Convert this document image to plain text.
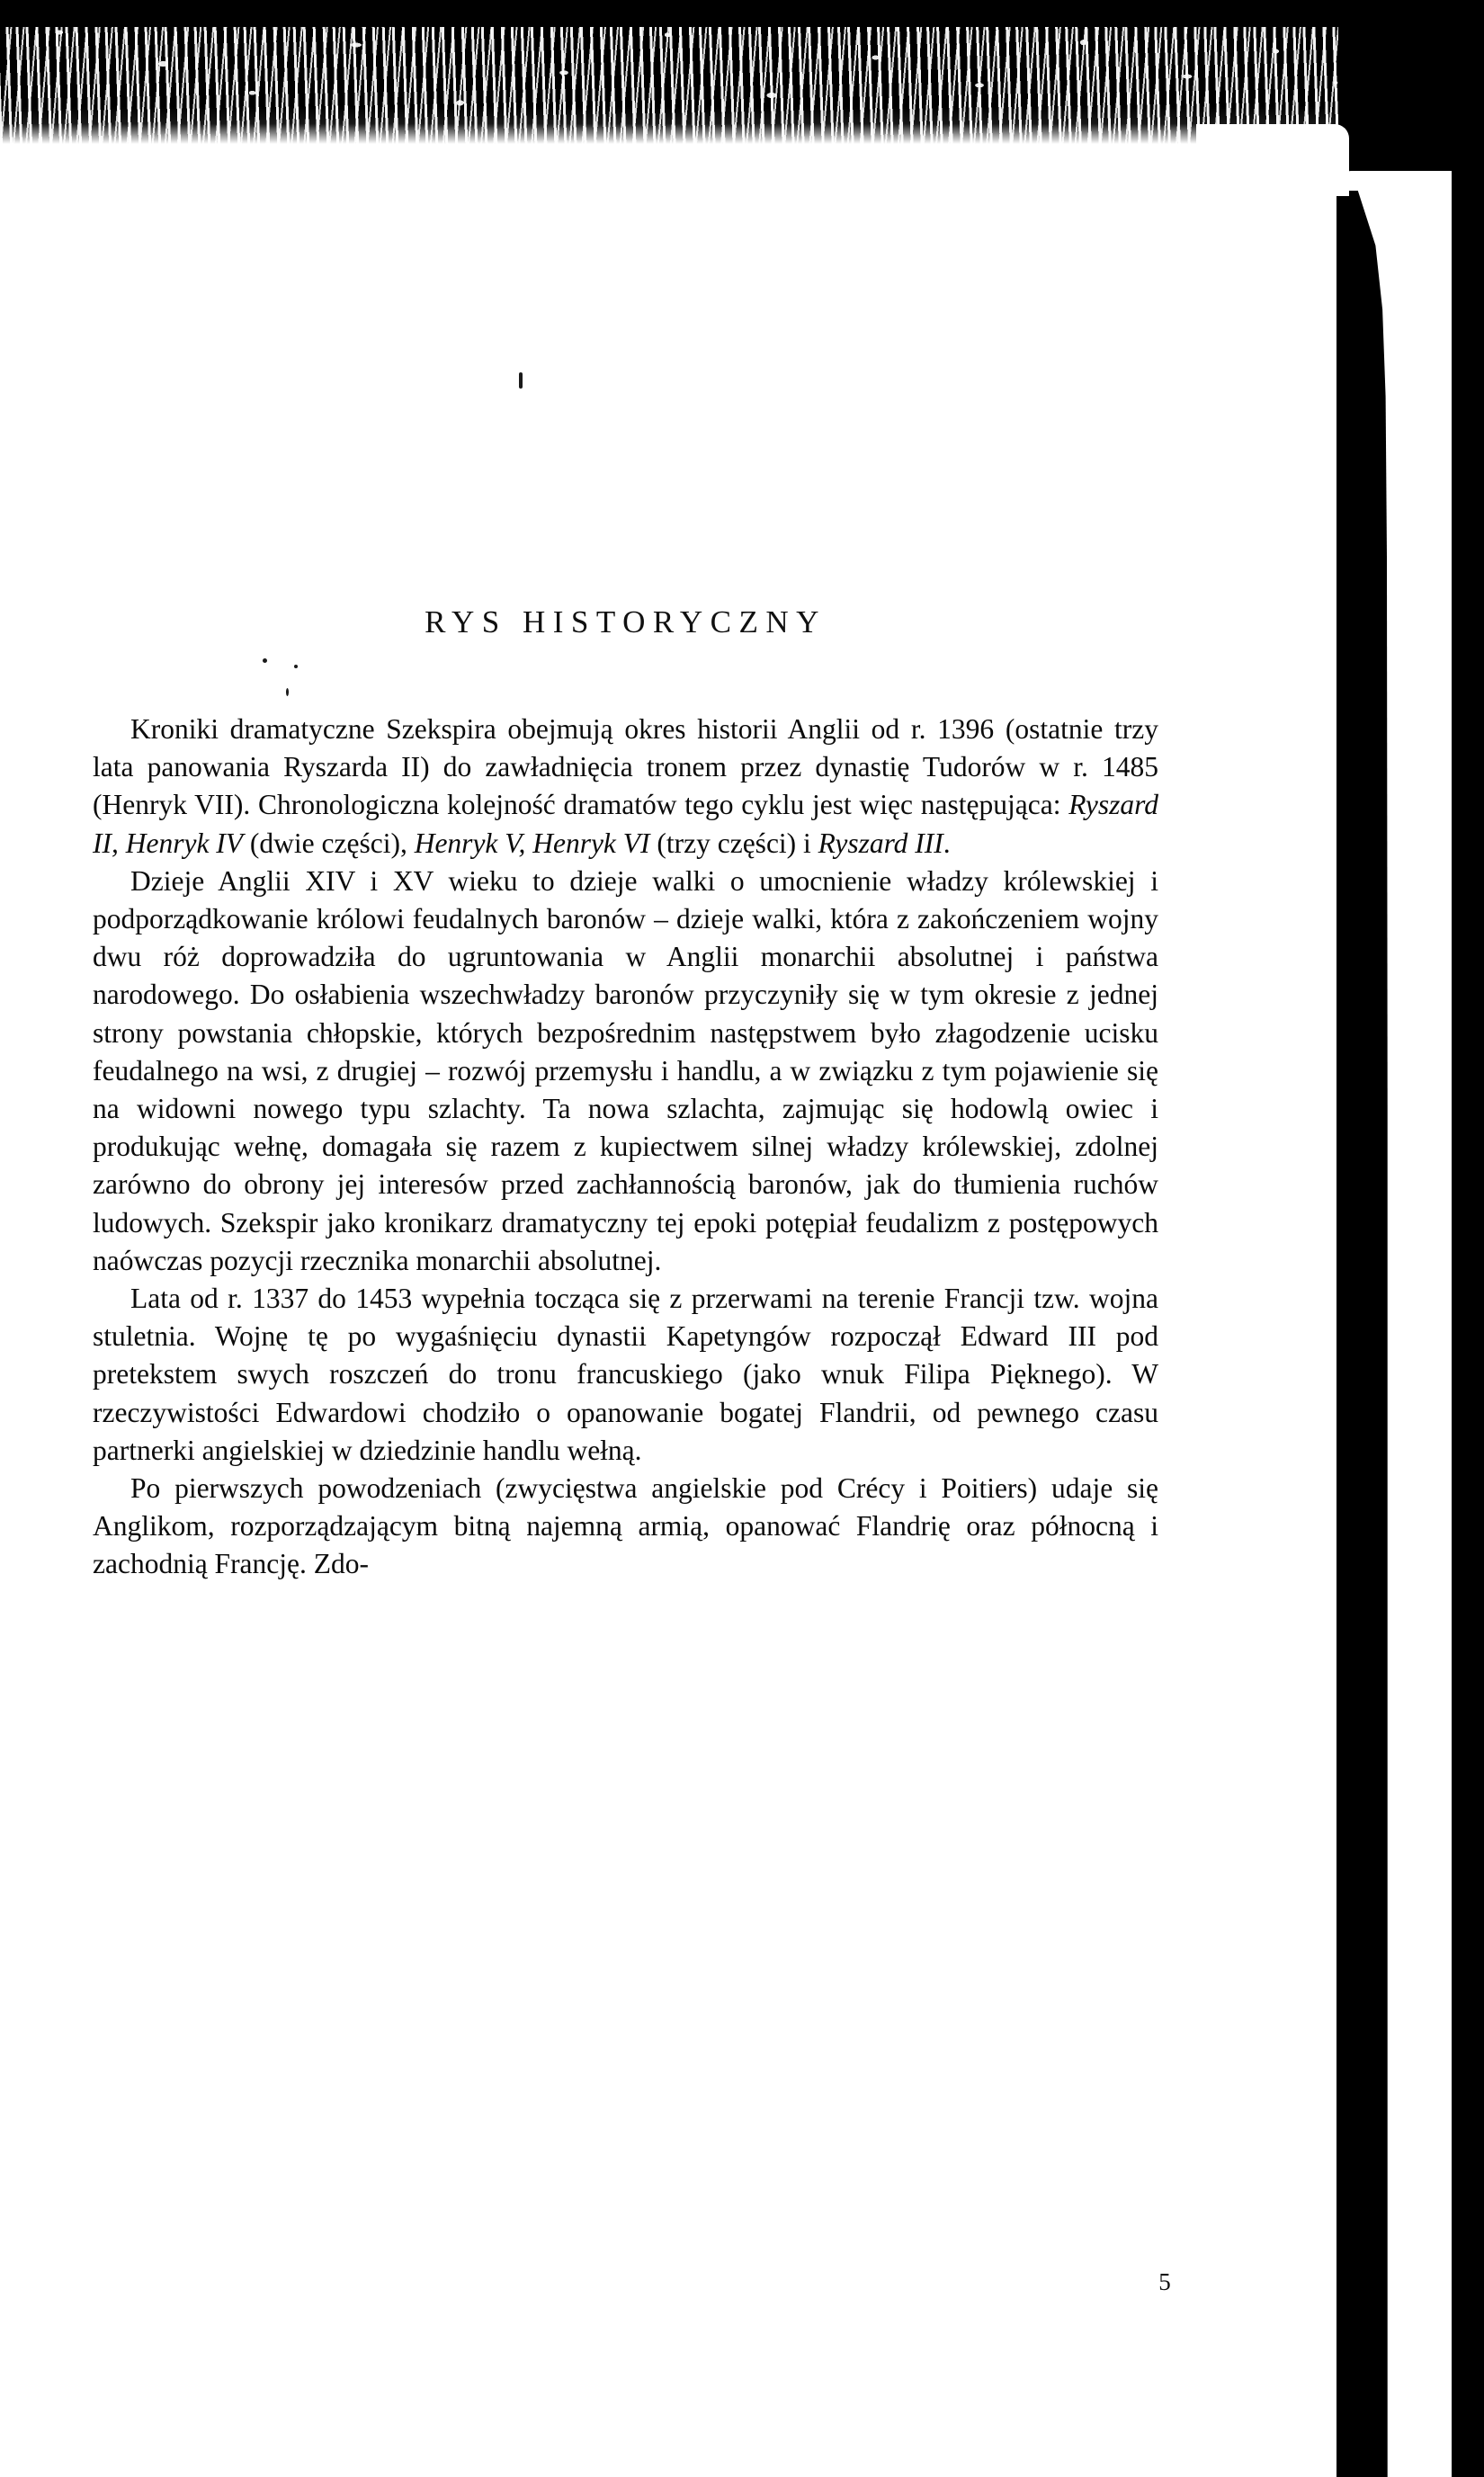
RYS HISTORYCZNY

Kroniki dramatyczne Szekspira obejmują okres historii Anglii od r. 1396 (ostatnie trzy lata panowania Ryszarda II) do zawładnięcia tronem przez dynastię Tudorów w r. 1485 (Henryk VII). Chronologiczna kolejność dramatów tego cyklu jest więc następująca: Ryszard II, Henryk IV (dwie części), Henryk V, Henryk VI (trzy części) i Ryszard III.

Dzieje Anglii XIV i XV wieku to dzieje walki o umocnienie władzy królewskiej i podporządkowanie królowi feudalnych baronów – dzieje walki, która z zakończeniem wojny dwu róż doprowadziła do ugruntowania w Anglii monarchii absolutnej i państwa narodowego. Do osłabienia wszechwładzy baronów przyczyniły się w tym okresie z jednej strony powstania chłopskie, których bezpośrednim następstwem było złagodzenie ucisku feudalnego na wsi, z drugiej – rozwój przemysłu i handlu, a w związku z tym pojawienie się na widowni nowego typu szlachty. Ta nowa szlachta, zajmując się hodowlą owiec i produkując wełnę, domagała się razem z kupiectwem silnej władzy królewskiej, zdolnej zarówno do obrony jej interesów przed zachłannością baronów, jak do tłumienia ruchów ludowych. Szekspir jako kronikarz dramatyczny tej epoki potępiał feudalizm z postępowych naówczas pozycji rzecznika monarchii absolutnej.

Lata od r. 1337 do 1453 wypełnia tocząca się z przerwami na terenie Francji tzw. wojna stuletnia. Wojnę tę po wygaśnięciu dynastii Kapetyngów rozpoczął Edward III pod pretekstem swych roszczeń do tronu francuskiego (jako wnuk Filipa Pięknego). W rzeczywistości Edwardowi chodziło o opanowanie bogatej Flandrii, od pewnego czasu partnerki angielskiej w dziedzinie handlu wełną.

Po pierwszych powodzeniach (zwycięstwa angielskie pod Crécy i Poitiers) udaje się Anglikom, rozporządzającym bitną najemną armią, opanować Flandrię oraz północną i zachodnią Francję. Zdo-

5
